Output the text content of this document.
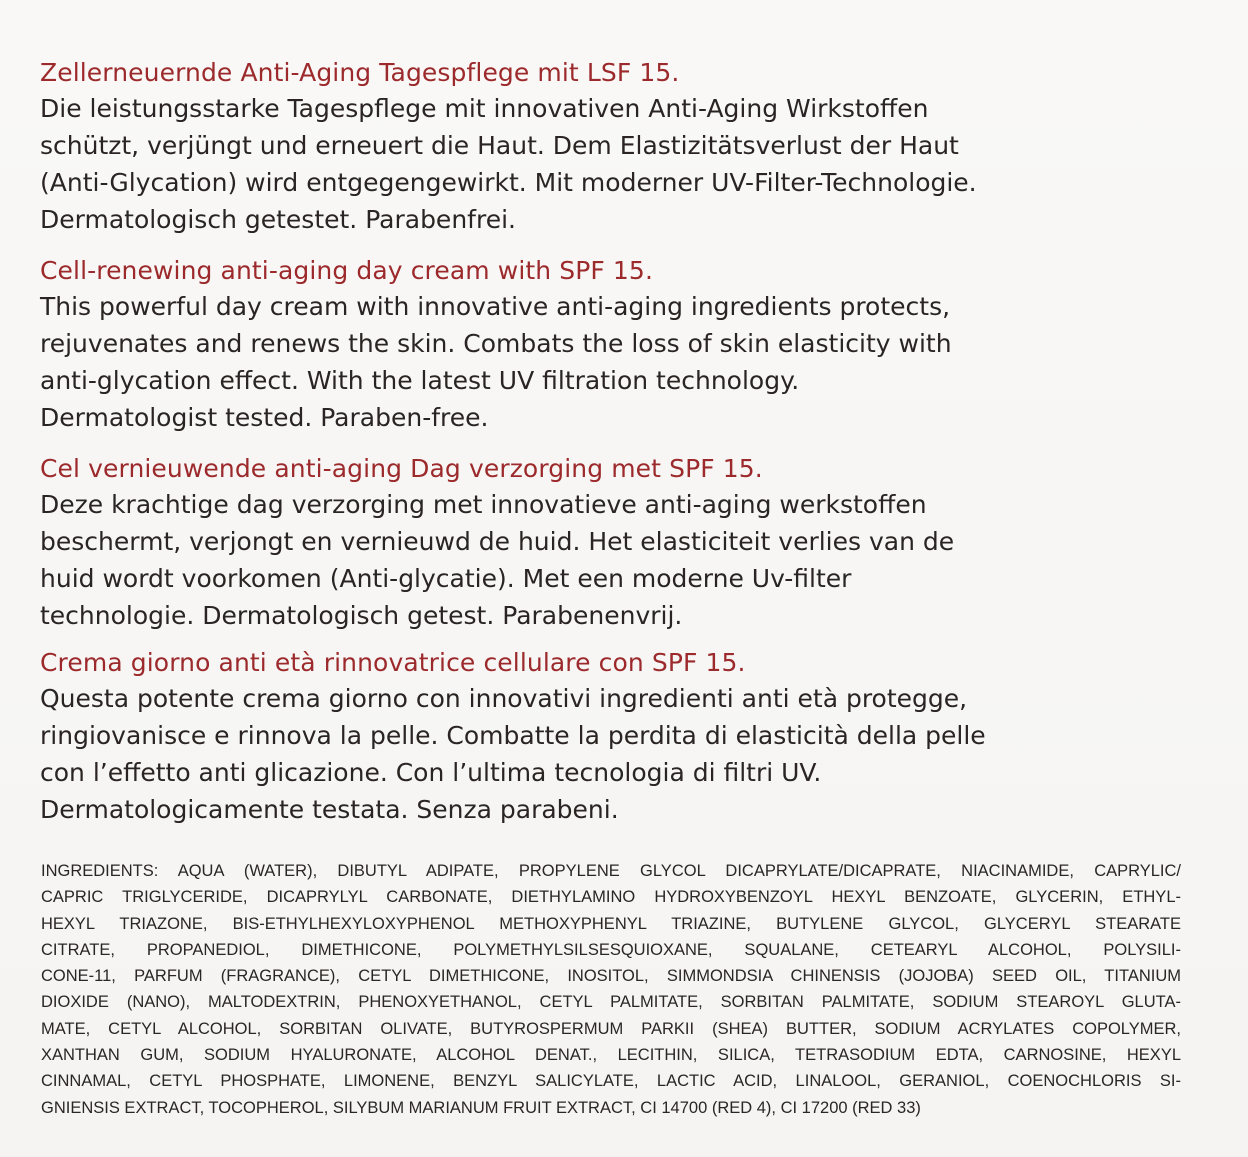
Zellerneuernde Anti-Aging Tagespflege mit LSF 15.
Die leistungsstarke Tagespflege mit innovativen Anti-Aging Wirkstoffen
schützt, verjüngt und erneuert die Haut. Dem Elastizitätsverlust der Haut
(Anti-Glycation) wird entgegengewirkt. Mit moderner UV-Filter-Technologie.
Dermatologisch getestet. Parabenfrei.
Cell-renewing anti-aging day cream with SPF 15.
This powerful day cream with innovative anti-aging ingredients protects,
rejuvenates and renews the skin. Combats the loss of skin elasticity with
anti-glycation effect. With the latest UV filtration technology.
Dermatologist tested. Paraben-free.
Cel vernieuwende anti-aging Dag verzorging met SPF 15.
Deze krachtige dag verzorging met innovatieve anti-aging werkstoffen
beschermt, verjongt en vernieuwd de huid. Het elasticiteit verlies van de
huid wordt voorkomen (Anti-glycatie). Met een moderne Uv-filter
technologie. Dermatologisch getest. Parabenenvrij.
Crema giorno anti età rinnovatrice cellulare con SPF 15.
Questa potente crema giorno con innovativi ingredienti anti età protegge,
ringiovanisce e rinnova la pelle. Combatte la perdita di elasticità della pelle
con l’effetto anti glicazione. Con l’ultima tecnologia di filtri UV.
Dermatologicamente testata. Senza parabeni.
INGREDIENTS: AQUA (WATER), DIBUTYL ADIPATE, PROPYLENE GLYCOL DICAPRYLATE/DICAPRATE, NIACINAMIDE, CAPRYLIC/
CAPRIC TRIGLYCERIDE, DICAPRYLYL CARBONATE, DIETHYLAMINO HYDROXYBENZOYL HEXYL BENZOATE, GLYCERIN, ETHYL-
HEXYL TRIAZONE, BIS-ETHYLHEXYLOXYPHENOL METHOXYPHENYL TRIAZINE, BUTYLENE GLYCOL, GLYCERYL STEARATE
CITRATE, PROPANEDIOL, DIMETHICONE, POLYMETHYLSILSESQUIOXANE, SQUALANE, CETEARYL ALCOHOL, POLYSILI-
CONE-11, PARFUM (FRAGRANCE), CETYL DIMETHICONE, INOSITOL, SIMMONDSIA CHINENSIS (JOJOBA) SEED OIL, TITANIUM
DIOXIDE (NANO), MALTODEXTRIN, PHENOXYETHANOL, CETYL PALMITATE, SORBITAN PALMITATE, SODIUM STEAROYL GLUTA-
MATE, CETYL ALCOHOL, SORBITAN OLIVATE, BUTYROSPERMUM PARKII (SHEA) BUTTER, SODIUM ACRYLATES COPOLYMER,
XANTHAN GUM, SODIUM HYALURONATE, ALCOHOL DENAT., LECITHIN, SILICA, TETRASODIUM EDTA, CARNOSINE, HEXYL
CINNAMAL, CETYL PHOSPHATE, LIMONENE, BENZYL SALICYLATE, LACTIC ACID, LINALOOL, GERANIOL, COENOCHLORIS SI-
GNIENSIS EXTRACT, TOCOPHEROL, SILYBUM MARIANUM FRUIT EXTRACT, CI 14700 (RED 4), CI 17200 (RED 33)
